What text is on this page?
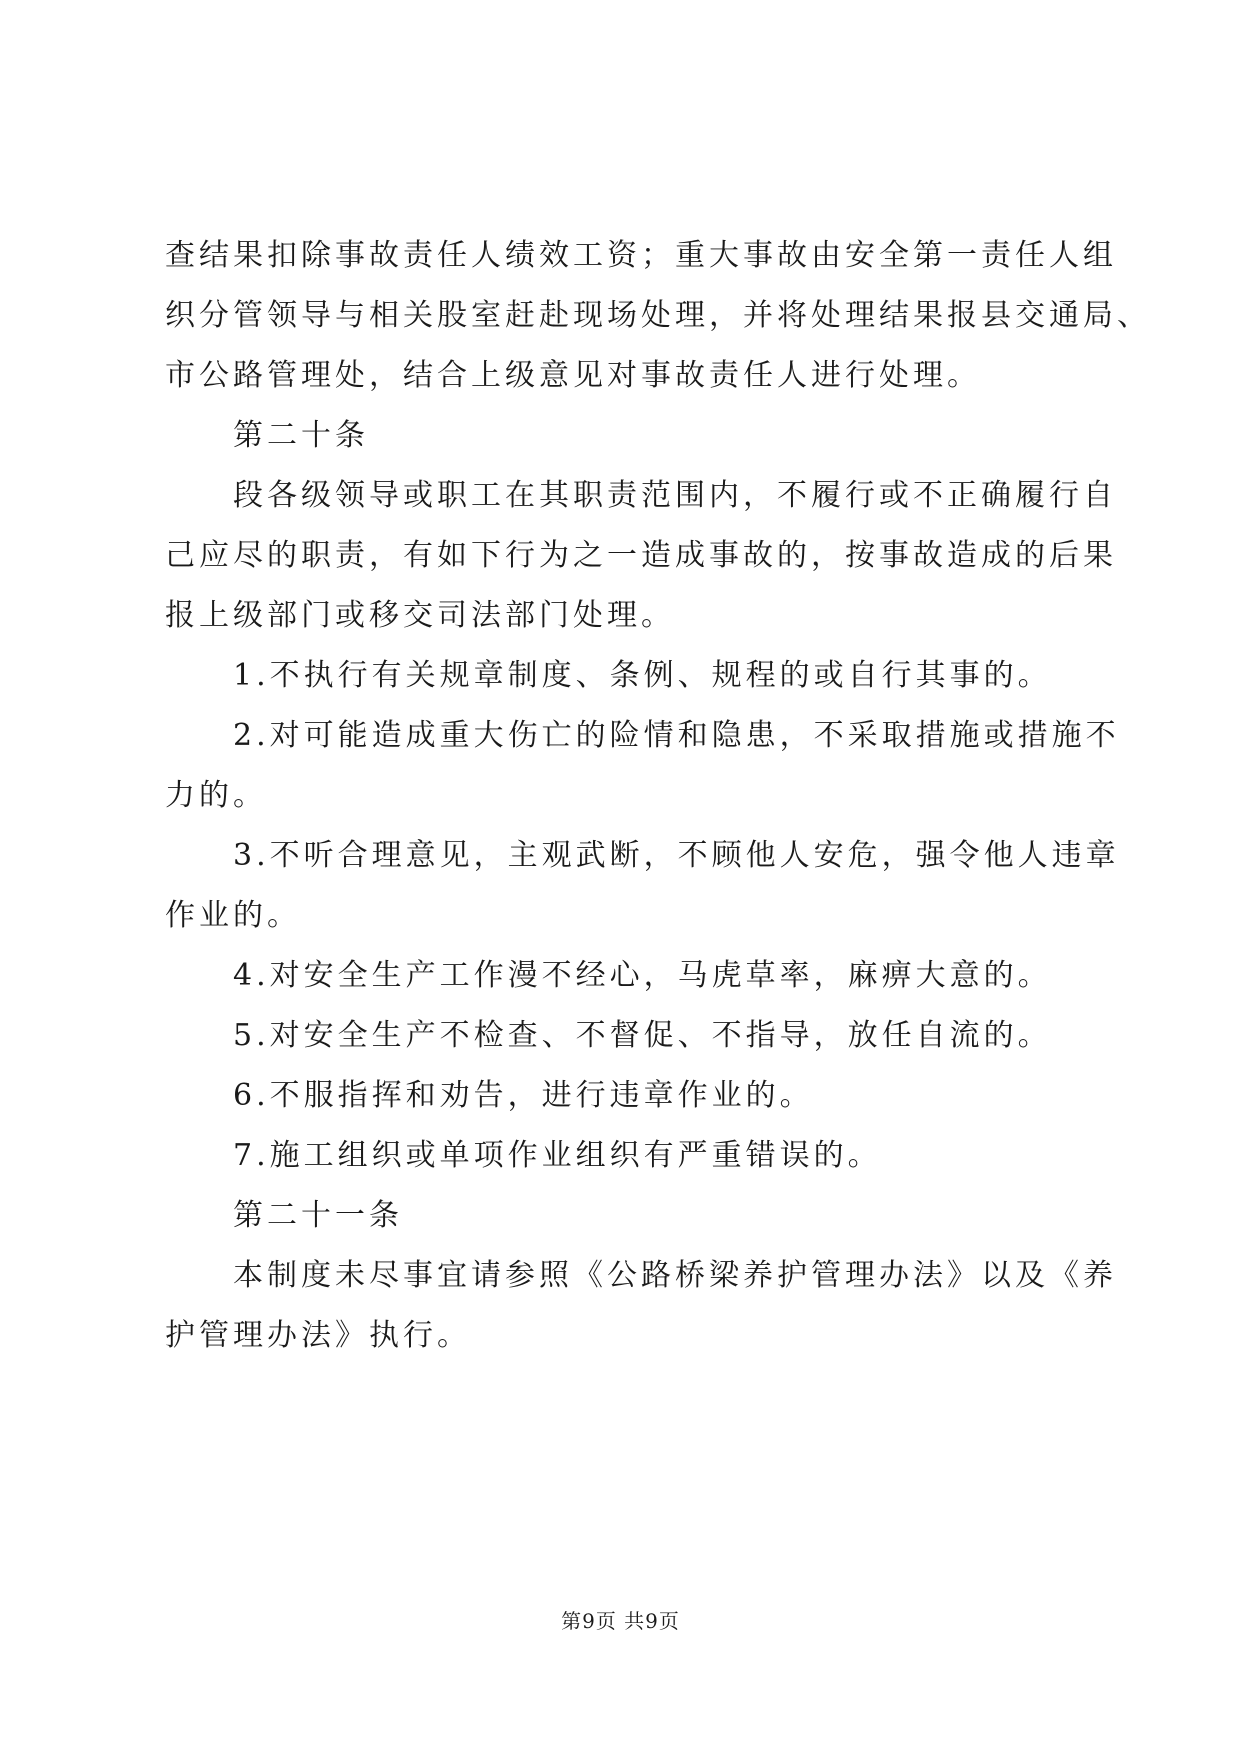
查结果扣除事故责任人绩效工资；重大事故由安全第一责任人组
织分管领导与相关股室赶赴现场处理，并将处理结果报县交通局、
市公路管理处，结合上级意见对事故责任人进行处理。
第二十条
段各级领导或职工在其职责范围内，不履行或不正确履行自
己应尽的职责，有如下行为之一造成事故的，按事故造成的后果
报上级部门或移交司法部门处理。
1.不执行有关规章制度、条例、规程的或自行其事的。
2.对可能造成重大伤亡的险情和隐患，不采取措施或措施不
力的。
3.不听合理意见，主观武断，不顾他人安危，强令他人违章
作业的。
4.对安全生产工作漫不经心，马虎草率，麻痹大意的。
5.对安全生产不检查、不督促、不指导，放任自流的。
6.不服指挥和劝告，进行违章作业的。
7.施工组织或单项作业组织有严重错误的。
第二十一条
本制度未尽事宜请参照《公路桥梁养护管理办法》以及《养
护管理办法》执行。
第9页 共9页
